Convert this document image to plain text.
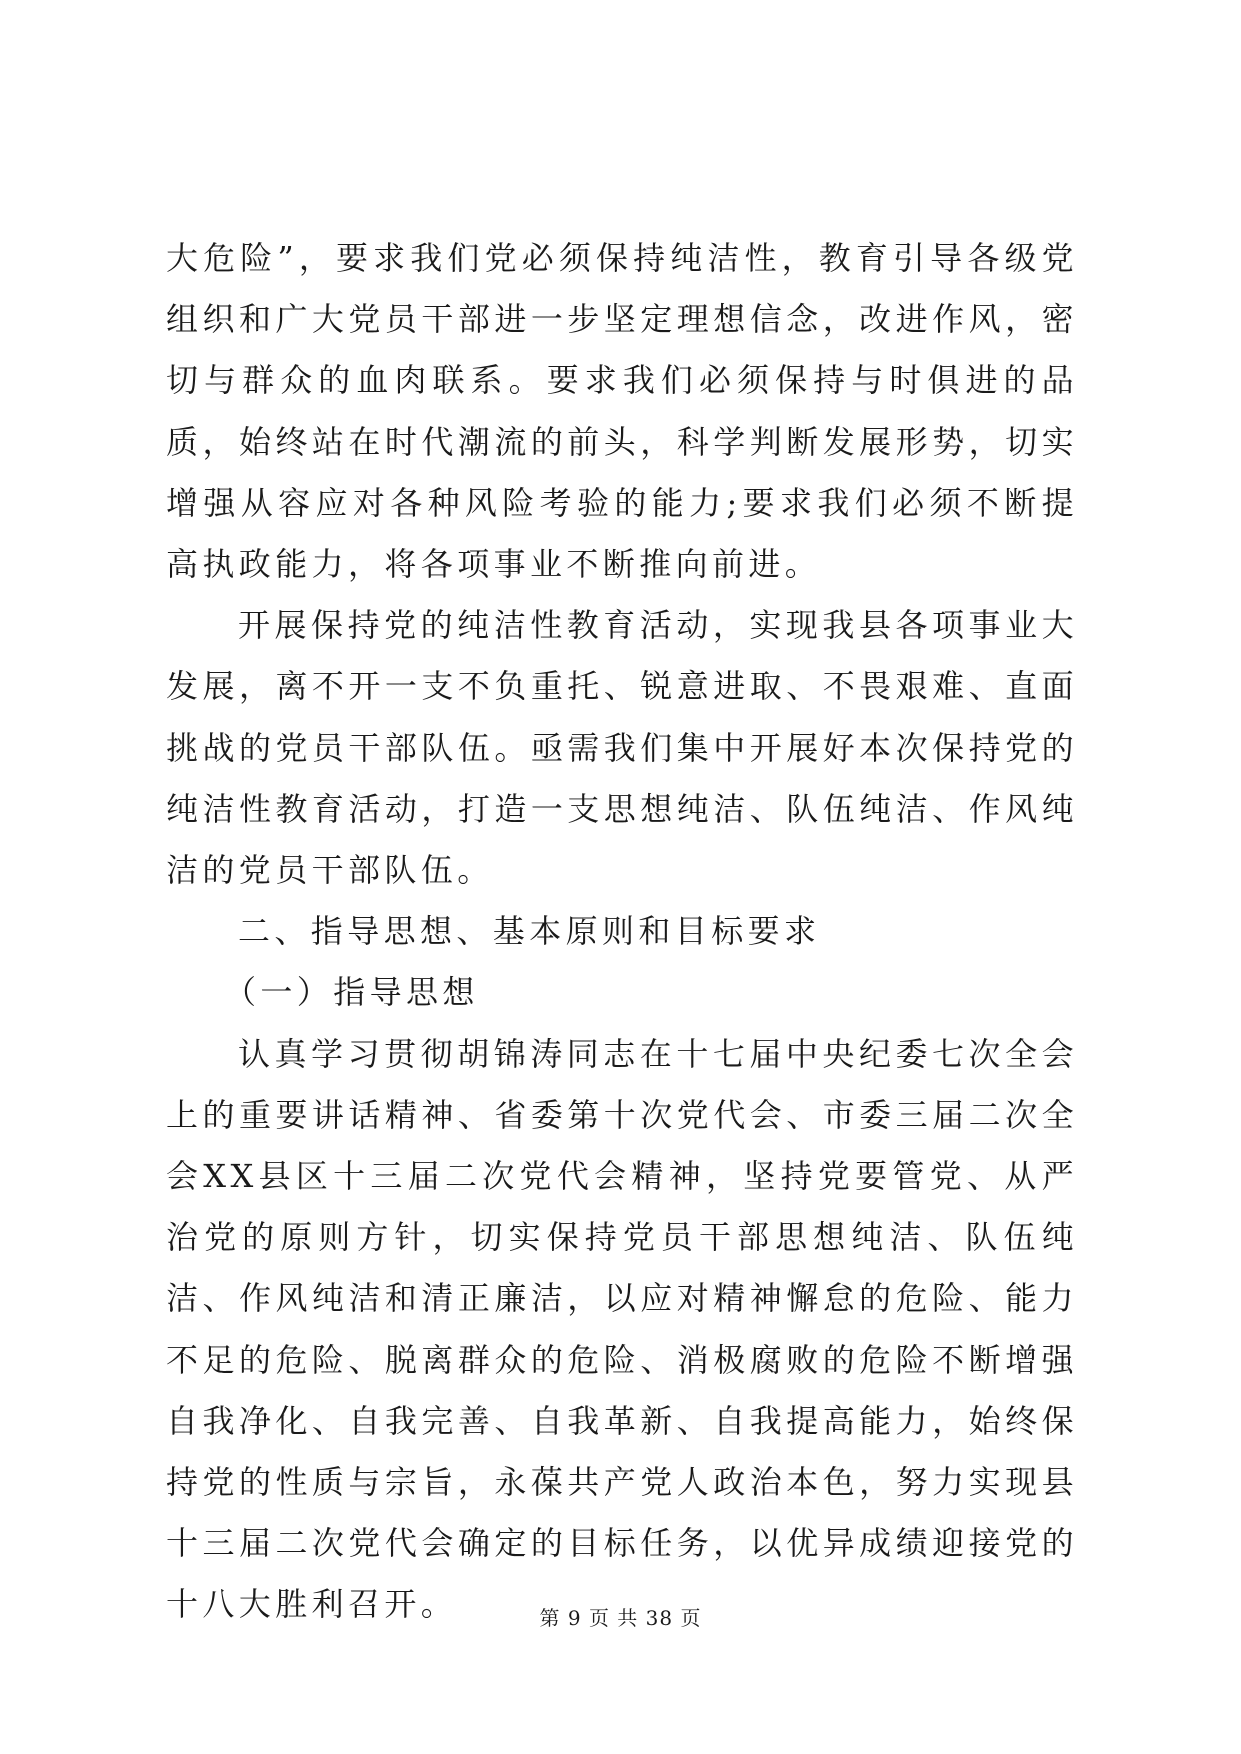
大危险”，要求我们党必须保持纯洁性，教育引导各级党组织和广大党员干部进一步坚定理想信念，改进作风，密切与群众的血肉联系。要求我们必须保持与时俱进的品质，始终站在时代潮流的前头，科学判断发展形势，切实增强从容应对各种风险考验的能力;要求我们必须不断提高执政能力，将各项事业不断推向前进。

开展保持党的纯洁性教育活动，实现我县各项事业大发展，离不开一支不负重托、锐意进取、不畏艰难、直面挑战的党员干部队伍。亟需我们集中开展好本次保持党的纯洁性教育活动，打造一支思想纯洁、队伍纯洁、作风纯洁的党员干部队伍。

二、指导思想、基本原则和目标要求

（一）指导思想

认真学习贯彻胡锦涛同志在十七届中央纪委七次全会上的重要讲话精神、省委第十次党代会、市委三届二次全会XX县区十三届二次党代会精神，坚持党要管党、从严治党的原则方针，切实保持党员干部思想纯洁、队伍纯洁、作风纯洁和清正廉洁，以应对精神懈怠的危险、能力不足的危险、脱离群众的危险、消极腐败的危险不断增强自我净化、自我完善、自我革新、自我提高能力，始终保持党的性质与宗旨，永葆共产党人政治本色，努力实现县十三届二次党代会确定的目标任务，以优异成绩迎接党的十八大胜利召开。	第 9 页 共 38 页
